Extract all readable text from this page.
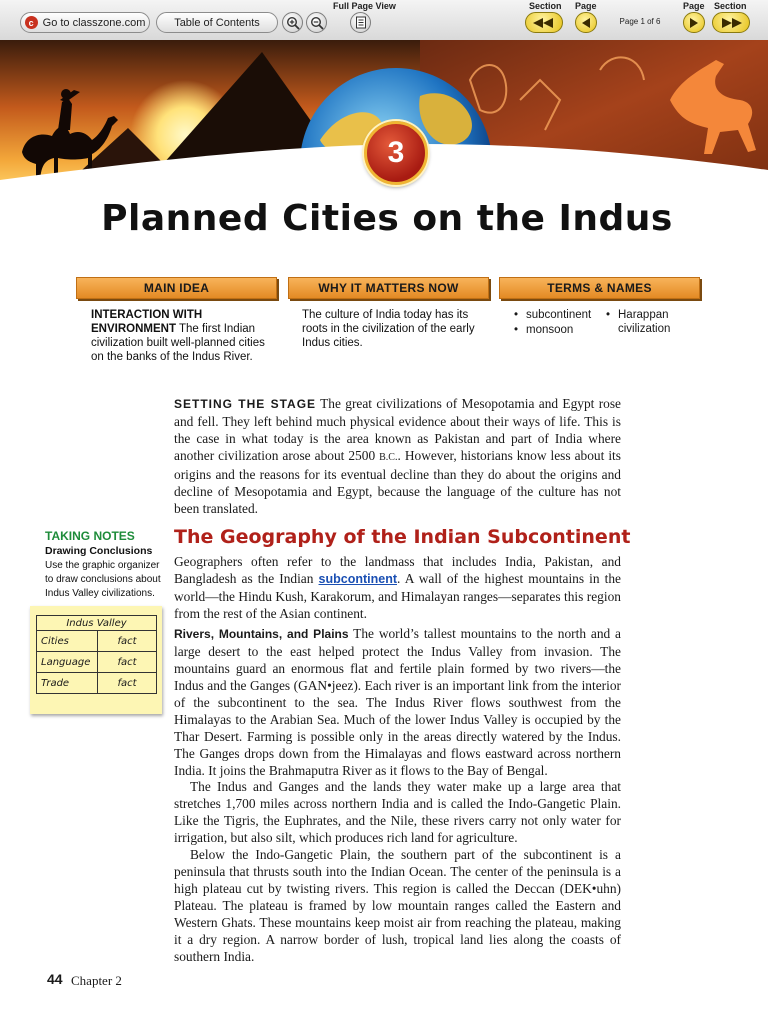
c Go to classzone.com	Table of Contents
Full Page View	Section Page	Page Section
Page 1 of 6
3
Planned Cities on the Indus
MAIN IDEA	WHY IT MATTERS NOW	TERMS & NAMES
INTERACTION WITH ENVIRONMENT The first Indian civilization built well-planned cities on the banks of the Indus River.
The culture of India today has its roots in the civilization of the early Indus cities.
• subcontinent
• monsoon
• Harappan civilization

SETTING THE STAGE The great civilizations of Mesopotamia and Egypt rose and fell. They left behind much physical evidence about their ways of life. This is the case in what today is the area known as Pakistan and part of India where another civilization arose about 2500 B.C.. However, historians know less about its origins and the reasons for its eventual decline than they do about the origins and decline of Mesopotamia and Egypt, because the language of the culture has not been translated.

The Geography of the Indian Subcontinent

Geographers often refer to the landmass that includes India, Pakistan, and Bangladesh as the Indian subcontinent. A wall of the highest mountains in the world—the Hindu Kush, Karakorum, and Himalayan ranges—separates this region from the rest of the Asian continent.

Rivers, Mountains, and Plains The world’s tallest mountains to the north and a large desert to the east helped protect the Indus Valley from invasion. The mountains guard an enormous flat and fertile plain formed by two rivers—the Indus and the Ganges (GAN•jeez). Each river is an important link from the interior of the subcontinent to the sea. The Indus River flows southwest from the Himalayas to the Arabian Sea. Much of the lower Indus Valley is occupied by the Thar Desert. Farming is possible only in the areas directly watered by the Indus. The Ganges drops down from the Himalayas and flows eastward across northern India. It joins the Brahmaputra River as it flows to the Bay of Bengal.

The Indus and Ganges and the lands they water make up a large area that stretches 1,700 miles across northern India and is called the Indo-Gangetic Plain. Like the Tigris, the Euphrates, and the Nile, these rivers carry not only water for irrigation, but also silt, which produces rich land for agriculture.

Below the Indo-Gangetic Plain, the southern part of the subcontinent is a peninsula that thrusts south into the Indian Ocean. The center of the peninsula is a high plateau cut by twisting rivers. This region is called the Deccan (DEK•uhn) Plateau. The plateau is framed by low mountain ranges called the Eastern and Western Ghats. These mountains keep moist air from reaching the plateau, making it a dry region. A narrow border of lush, tropical land lies along the coasts of southern India.

TAKING NOTES
Drawing Conclusions
Use the graphic organizer to draw conclusions about Indus Valley civilizations.
Indus Valley	
Cities	fact
Language	fact
Trade	fact
44 Chapter 2
